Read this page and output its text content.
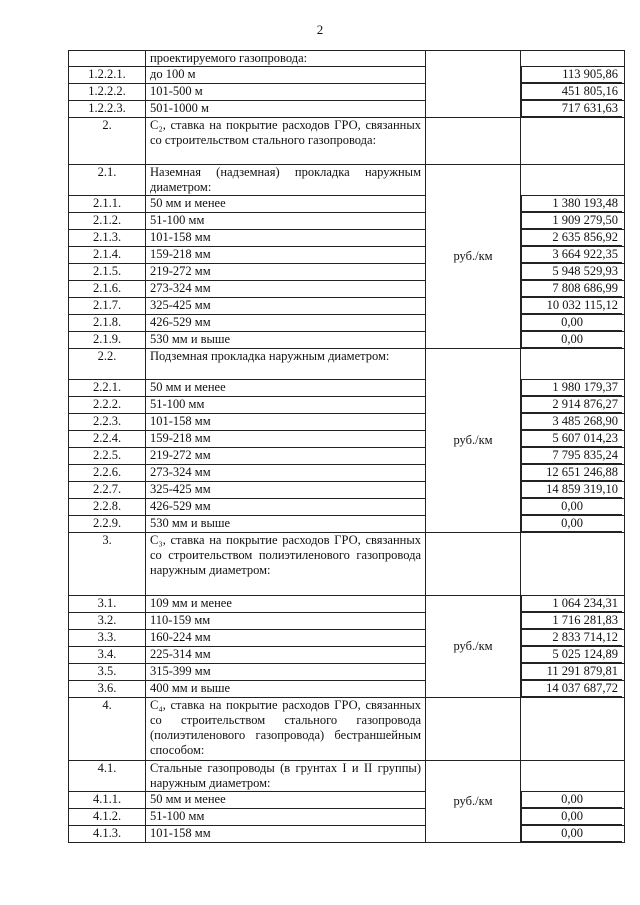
2
	проектируемого газопровода:		

1.2.2.1.	до 100 м		113 905,86

1.2.2.2.	101-500 м		451 805,16

1.2.2.3.	501-1000 м		717 631,63

2.	С₂, ставка на покрытие расходов ГРО, связанных со строительством стального газопровода:		

2.1.	Наземная (надземная) прокладка наружным диаметром:	руб./км	

2.1.1.	50 мм и менее		1 380 193,48

2.1.2.	51-100 мм		1 909 279,50

2.1.3.	101-158 мм		2 635 856,92

2.1.4.	159-218 мм		3 664 922,35

2.1.5.	219-272 мм		5 948 529,93

2.1.6.	273-324 мм		7 808 686,99

2.1.7.	325-425 мм		10 032 115,12

2.1.8.	426-529 мм		0,00

2.1.9.	530 мм и выше		0,00

2.2.	Подземная прокладка наружным диаметром:	руб./км	

2.2.1.	50 мм и менее		1 980 179,37

2.2.2.	51-100 мм		2 914 876,27

2.2.3.	101-158 мм		3 485 268,90

2.2.4.	159-218 мм		5 607 014,23

2.2.5.	219-272 мм		7 795 835,24

2.2.6.	273-324 мм		12 651 246,88

2.2.7.	325-425 мм		14 859 319,10

2.2.8.	426-529 мм		0,00

2.2.9.	530 мм и выше		0,00

3.	С₃, ставка на покрытие расходов ГРО, связанных со строительством полиэтиленового газопровода наружным диаметром:		

3.1.	109 мм и менее	руб./км	1 064 234,31

3.2.	110-159 мм		1 716 281,83

3.3.	160-224 мм		2 833 714,12

3.4.	225-314 мм		5 025 124,89

3.5.	315-399 мм		11 291 879,81

3.6.	400 мм и выше		14 037 687,72

4.	С₄, ставка на покрытие расходов ГРО, связанных со строительством стального газопровода (полиэтиленового газопровода) бестраншейным способом:		

4.1.	Стальные газопроводы (в грунтах I и II группы) наружным диаметром:	руб./км	

4.1.1.	50 мм и менее		0,00

4.1.2.	51-100 мм		0,00

4.1.3.	101-158 мм		0,00
